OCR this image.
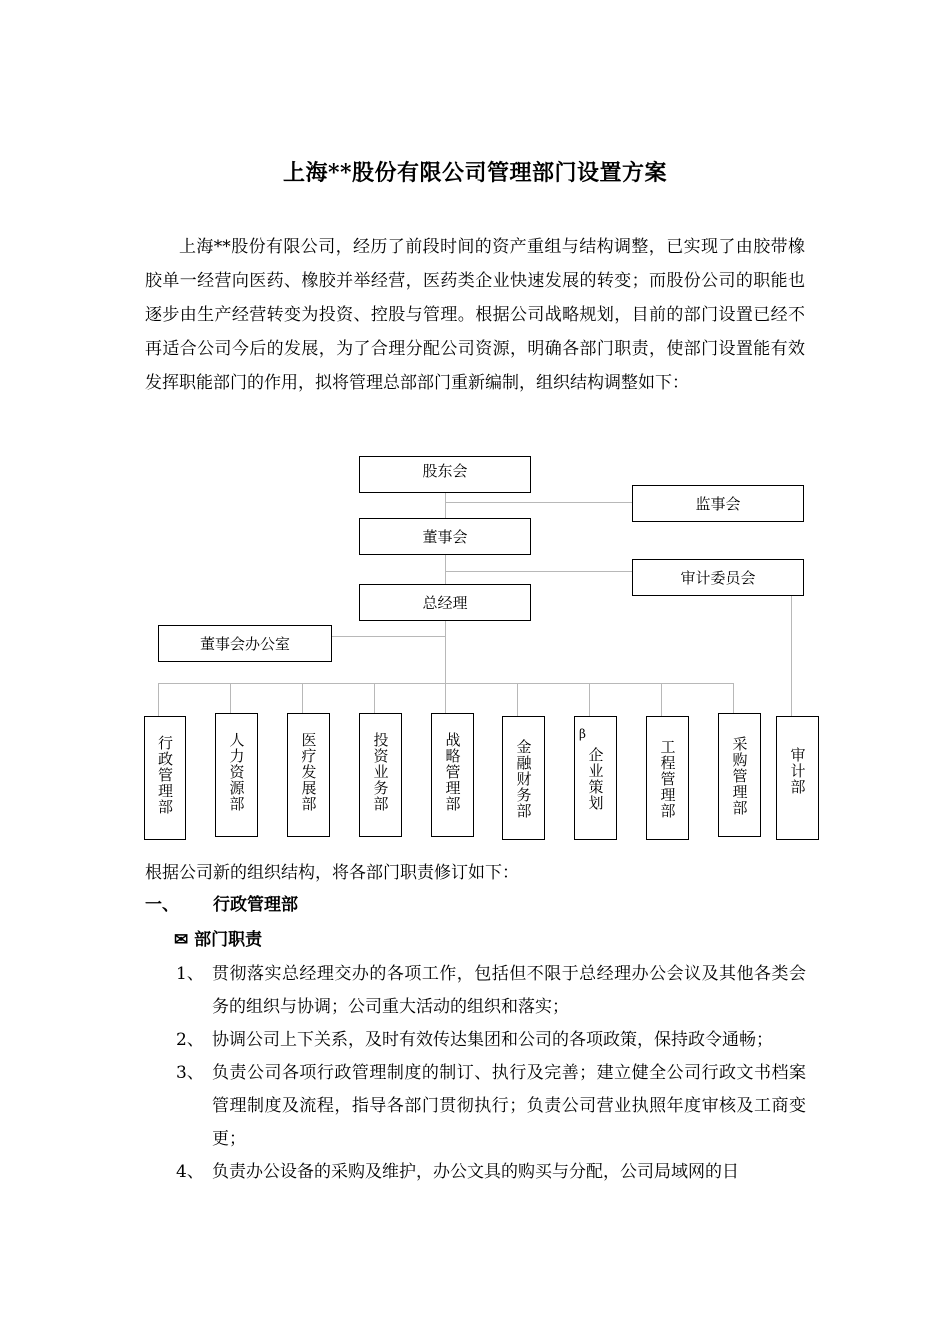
上海**股份有限公司管理部门设置方案

上海**股份有限公司，经历了前段时间的资产重组与结构调整，已实现了由胶带橡胶单一经营向医药、橡胶并举经营，医药类企业快速发展的转变；而股份公司的职能也逐步由生产经营转变为投资、控股与管理。根据公司战略规划，目前的部门设置已经不再适合公司今后的发展，为了合理分配公司资源，明确各部门职责，使部门设置能有效发挥职能部门的作用，拟将管理总部部门重新编制，组织结构调整如下：

股东会
监事会
董事会
审计委员会
总经理
董事会办公室
行政管理部	人力资源部	医疗发展部	投资业务部	战略管理部	金融财务部
β
企业策划	工程管理部	采购管理部	审计部
根据公司新的组织结构，将各部门职责修订如下：
一、 行政管理部
✉ 部门职责
1、 贯彻落实总经理交办的各项工作，包括但不限于总经理办公会议及其他各类会务的组织与协调；公司重大活动的组织和落实；
2、 协调公司上下关系，及时有效传达集团和公司的各项政策，保持政令通畅；
3、 负责公司各项行政管理制度的制订、执行及完善；建立健全公司行政文书档案管理制度及流程，指导各部门贯彻执行；负责公司营业执照年度审核及工商变更；
4、 负责办公设备的采购及维护，办公文具的购买与分配，公司局域网的日
